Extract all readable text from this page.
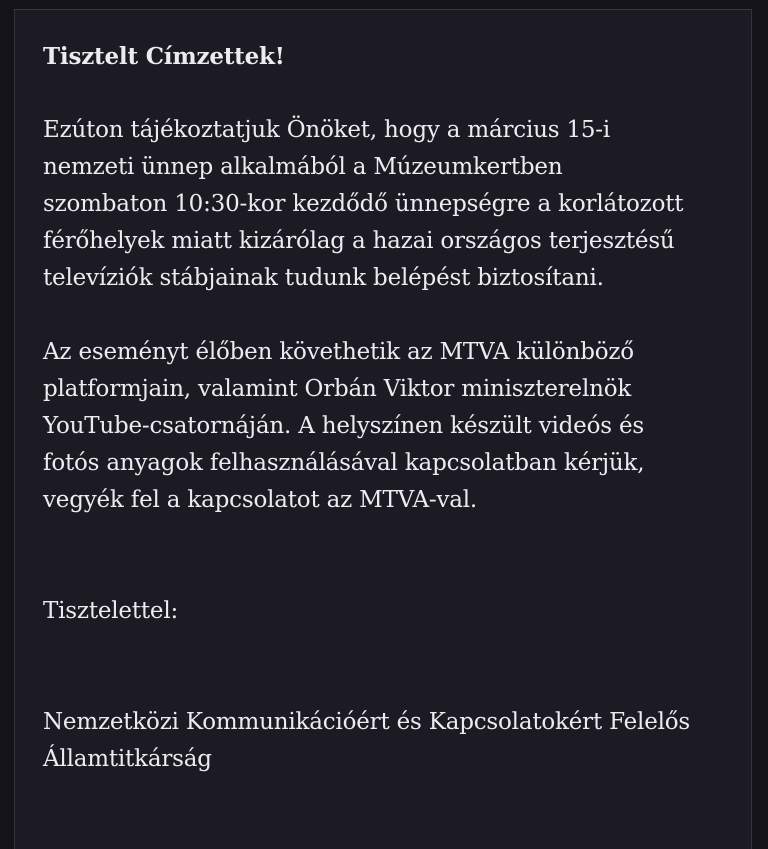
Tisztelt Címzettek!

Ezúton tájékoztatjuk Önöket, hogy a március 15-i
nemzeti ünnep alkalmából a Múzeumkertben
szombaton 10:30-kor kezdődő ünnepségre a korlátozott
férőhelyek miatt kizárólag a hazai országos terjesztésű
televíziók stábjainak tudunk belépést biztosítani.

Az eseményt élőben követhetik az MTVA különböző
platformjain, valamint Orbán Viktor miniszterelnök
YouTube-csatornáján. A helyszínen készült videós és
fotós anyagok felhasználásával kapcsolatban kérjük,
vegyék fel a kapcsolatot az MTVA-val.

Tisztelettel:

Nemzetközi Kommunikációért és Kapcsolatokért Felelős
Államtitkárság
